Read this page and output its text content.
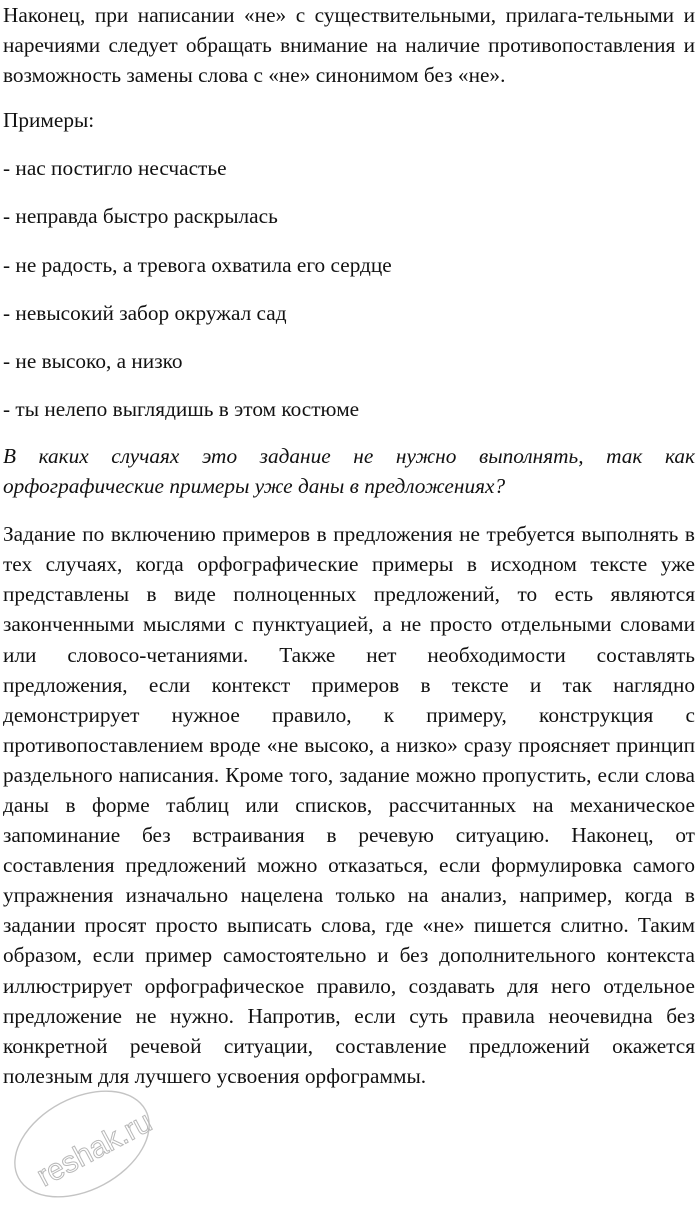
Наконец, при написании «не» с существительными, прилага-тельными и наречиями следует обращать внимание на наличие противопоставления и возможность замены слова с «не» синонимом без «не».

Примеры:

- нас постигло несчастье
- неправда быстро раскрылась
- не радость, а тревога охватила его сердце
- невысокий забор окружал сад
- не высоко, а низко
- ты нелепо выглядишь в этом костюме

В каких случаях это задание не нужно выполнять, так как орфографические примеры уже даны в предложениях?

Задание по включению примеров в предложения не требуется выполнять в тех случаях, когда орфографические примеры в исходном тексте уже представлены в виде полноценных предложений, то есть являются законченными мыслями с пунктуацией, а не просто отдельными словами или словосо-четаниями. Также нет необходимости составлять предложения, если контекст примеров в тексте и так наглядно демонстрирует нужное правило, к примеру, конструкция с противопоставлением вроде «не высоко, а низко» сразу проясняет принцип раздельного написания. Кроме того, задание можно пропустить, если слова даны в форме таблиц или списков, рассчитанных на механическое запоминание без встраивания в речевую ситуацию. Наконец, от составления предложений можно отказаться, если формулировка самого упражнения изначально нацелена только на анализ, например, когда в задании просят просто выписать слова, где «не» пишется слитно. Таким образом, если пример самостоятельно и без дополнительного контекста иллюстрирует орфографическое правило, создавать для него отдельное предложение не нужно. Напротив, если суть правила неочевидна без конкретной речевой ситуации, составление предложений окажется полезным для лучшего усвоения орфограммы.

reshak.ru
